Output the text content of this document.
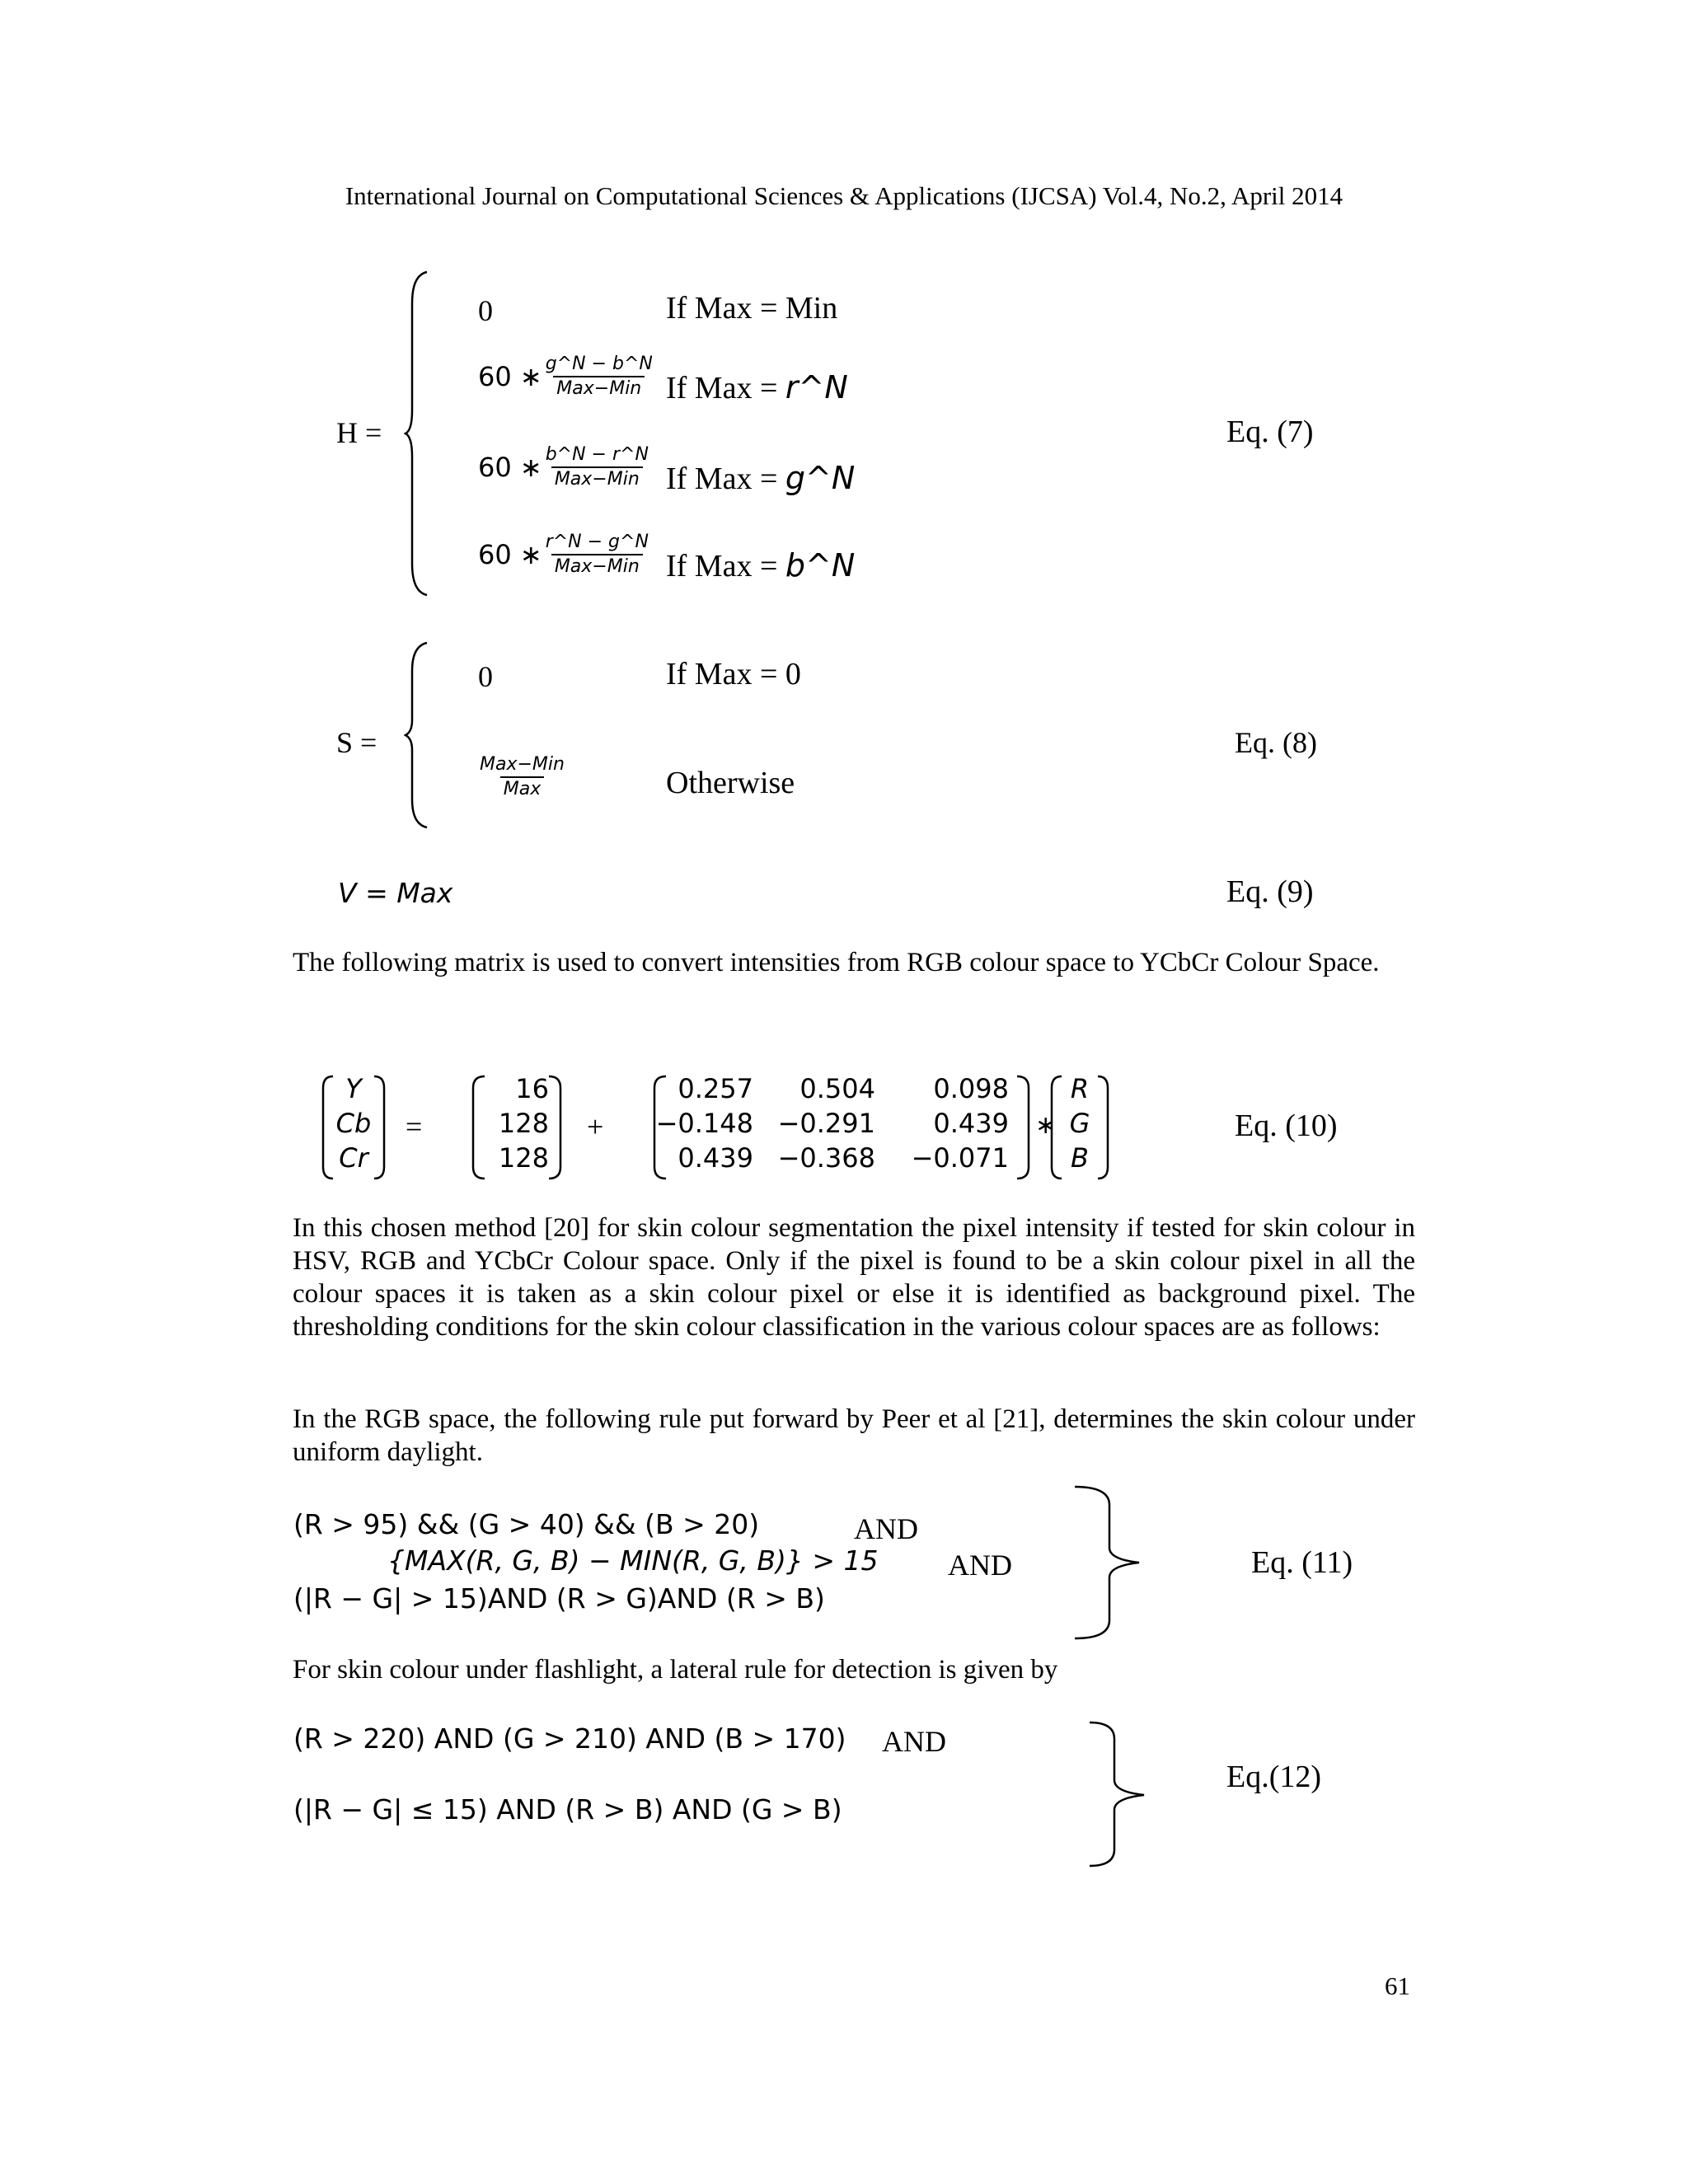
International Journal on Computational Sciences & Applications (IJCSA) Vol.4, No.2, April 2014
H =
0	If Max = Min
60 ∗ $\frac{g\^{}N - b\^{}N}{\text{Max−Min}}$ If Max = r^N
60 ∗ $\frac{b\^{}N - r\^{}N}{\text{Max−Min}}$ If Max = g^N
60 ∗ $\frac{r\^{}N - g\^{}N}{\text{Max−Min}}$ If Max = b^N
Eq. (7)
S =
0	If Max = 0
$\frac{\text{Max−Min}}{\text{Max}}$	Otherwise
Eq. (8)
V = Max	Eq. (9)
The following matrix is used to convert intensities from RGB colour space to YCbCr Colour Space.
Y
Cb
Cr
=
16
128
128
+
0.257 0.504 0.098
−0.148 −0.291 0.439
0.439 −0.368 −0.071
∗
R
G
B
Eq. (10)
In this chosen method [20] for skin colour segmentation the pixel intensity if tested for skin colour in HSV, RGB and YCbCr Colour space. Only if the pixel is found to be a skin colour pixel in all the colour spaces it is taken as a skin colour pixel or else it is identified as background pixel. The thresholding conditions for the skin colour classification in the various colour spaces are as follows:
In the RGB space, the following rule put forward by Peer et al [21], determines the skin colour under uniform daylight.
(R > 95) && (G > 40) && (B > 20)	AND
{MAX(R, G, B) − MIN(R, G, B)} > 15 AND
(|R − G| > 15)AND (R > G)AND (R > B)
Eq. (11)
For skin colour under flashlight, a lateral rule for detection is given by
(R > 220) AND (G > 210) AND (B > 170) AND
(|R − G| ≤ 15) AND (R > B) AND (G > B)
Eq.(12)
61
